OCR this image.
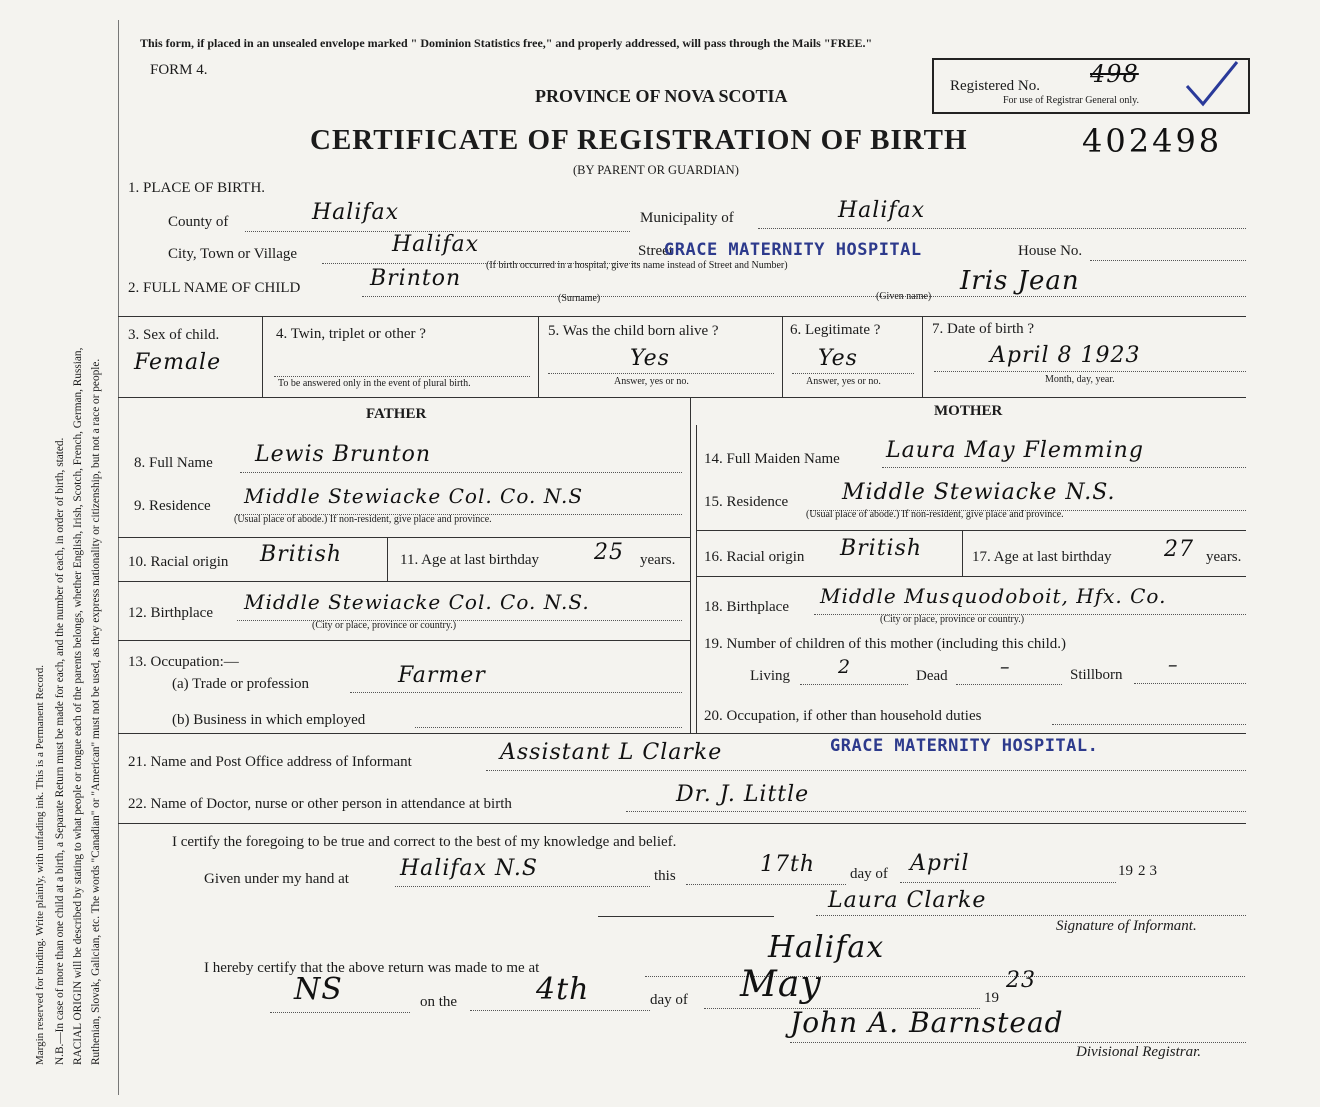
Margin reserved for binding. Write plainly, with unfading ink. This is a Permanent Record. N.B.—In case of more than one child at a birth, a Separate Return must be made for each, and the number of each, in order of birth, stated. RACIAL ORIGIN will be described by stating to what people or tongue each of the parents belongs, whether English, Irish, Scotch, French, German, Russian, Ruthenian, Slovak, Galician, etc. The words "Canadian" or "American" must not be used, as they express nationality or citizenship, but not a race or people.
This form, if placed in an unsealed envelope marked " Dominion Statistics free," and properly addressed, will pass through the Mails "FREE."
FORM 4.
PROVINCE OF NOVA SCOTIA	Registered No. 498
For use of Registrar General only.
CERTIFICATE OF REGISTRATION OF BIRTH	402498
(BY PARENT OR GUARDIAN)
1. PLACE OF BIRTH.
County of	Halifax	Municipality of	Halifax
City, Town or Village	Halifax	Street
GRACE MATERNITY HOSPITAL	House No.
(If birth occurred in a hospital, give its name instead of Street and Number)
2. FULL NAME OF CHILD	Brinton	Iris Jean
(Surname)	(Given name)
3. Sex of child.
Female
4. Twin, triplet or other ?
To be answered only in the event of plural birth.
5. Was the child born alive ?
Yes
Answer, yes or no.
6. Legitimate ?
Yes
Answer, yes or no.
7. Date of birth ?
April 8 1923
Month, day, year.
FATHER	MOTHER
8. Full Name Lewis Brunton
9. Residence Middle Stewiacke Col. Co. N.S
(Usual place of abode.) If non-resident, give place and province.
10. Racial origin British	11. Age at last birthday	25 years.
12. Birthplace Middle Stewiacke Col. Co. N.S.
(City or place, province or country.)
13. Occupation:—
(a) Trade or profession	Farmer
(b) Business in which employed
14. Full Maiden Name Laura May Flemming
15. Residence Middle Stewiacke N.S.
(Usual place of abode.) If non-resident, give place and province.
16. Racial origin British	17. Age at last birthday 27 years.
18. Birthplace Middle Musquodoboit, Hfx. Co.
(City or place, province or country.)
19. Number of children of this mother (including this child.)
Living	2	Dead	–	Stillborn –
20. Occupation, if other than household duties
21. Name and Post Office address of Informant	Assistant L Clarke	GRACE MATERNITY HOSPITAL.
22. Name of Doctor, nurse or other person in attendance at birth	Dr. J. Little
I certify the foregoing to be true and correct to the best of my knowledge and belief.
Given under my hand at Halifax N.S	this	17th day of April	19 23
Laura Clarke
Signature of Informant.
I hereby certify that the above return was made to me at
Halifax
NS	on the	4th	day of May	19
23
John A. Barnstead
Divisional Registrar.
